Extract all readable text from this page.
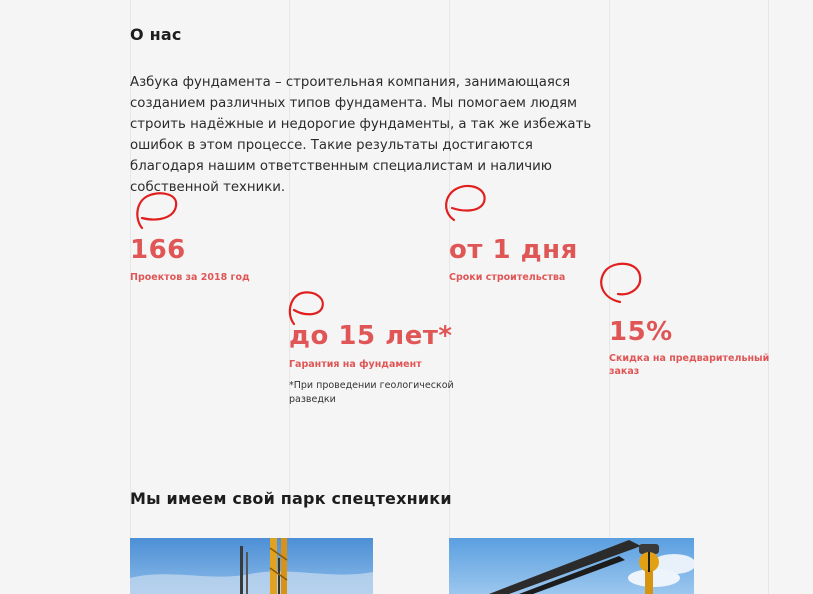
О нас
Азбука фундамента – строительная компания, занимающаяся созданием различных типов фундамента. Мы помогаем людям строить надёжные и недорогие фундаменты, а так же избежать ошибок в этом процессе. Такие результаты достигаются благодаря нашим ответственным специалистам и наличию собственной техники.
166
Проектов за 2018 год
от 1 дня
Сроки строительства
до 15 лет*
Гарантия на фундамент
*При проведении геологической разведки
15%
Скидка на предварительный заказ
Мы имеем свой парк спецтехники
